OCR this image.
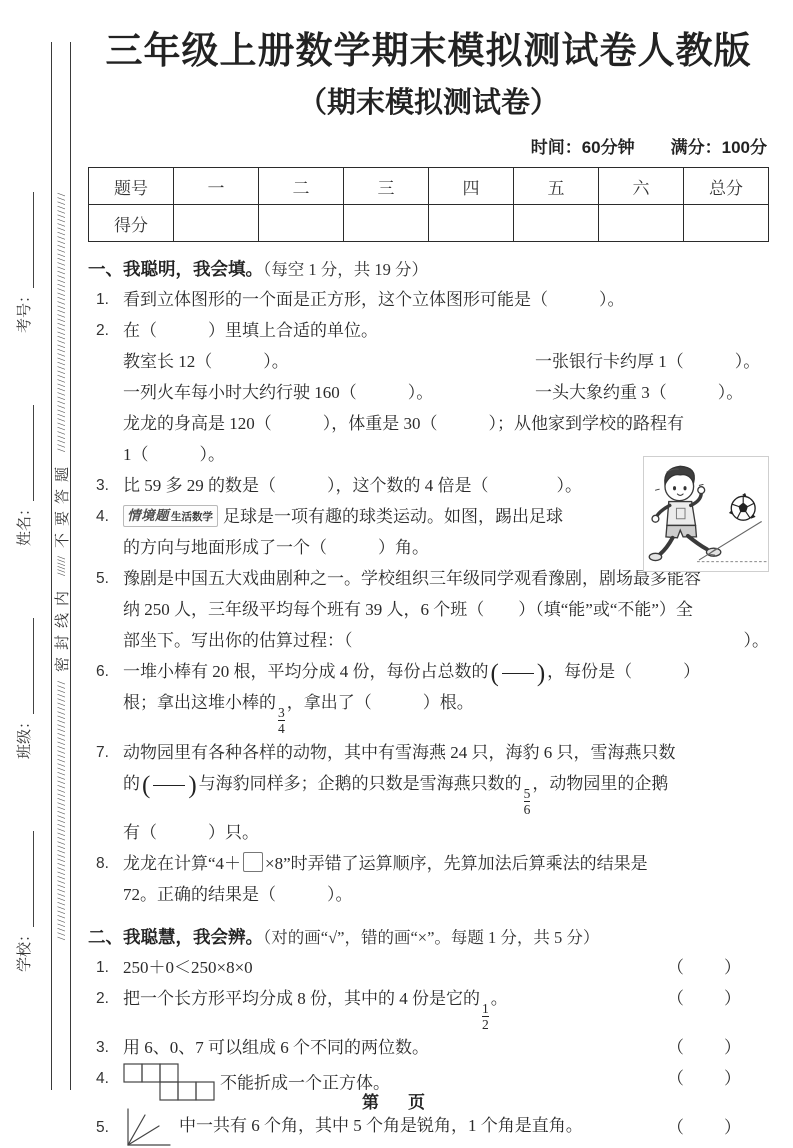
学校：
班级：
姓名：
考号：
////////////////////////////////////////////////////////////
密封线内
//////
不要答题
////////////////////////////////////////////////////////////
三年级上册数学期末模拟测试卷人教版
（期末模拟测试卷）
时间：60分钟 满分：100分
题号	一	二	三	四	五	六	总分
得分							
一、我聪明，我会填。（每空 1 分，共 19 分）
1. 看到立体图形的一个面是正方形，这个立体图形可能是（　　　）。
2. 在（　　　）里填上合适的单位。
教室长 12（　　　）。	一张银行卡约厚 1（　　　）。
一列火车每小时大约行驶 160（　　　）。	一头大象约重 3（　　　）。
龙龙的身高是 120（　　　），体重是 30（　　　）；从他家到学校的路程有
1（　　　）。
3. 比 59 多 29 的数是（　　　），这个数的 4 倍是（　　　　）。
4.	情境题 生活数学 足球是一项有趣的球类运动。如图，踢出足球
的方向与地面形成了一个（　　　）角。
5. 豫剧是中国五大戏曲剧种之一。学校组织三年级同学观看豫剧，剧场最多能容
纳 250 人，三年级平均每个班有 39 人，6 个班（　　）（填“能”或“不能”）全
部坐下。写出你的估算过程：（	）。
6. 一堆小棒有 20 根，平均分成 4 份，每份占总数的 ( ) ，每份是（　　　）
根；拿出这堆小棒的
$\frac{3}{4}$
，拿出了（　　　）根。
7. 动物园里有各种各样的动物，其中有雪海燕 24 只，海豹 6 只，雪海燕只数
的 ( ) 与海豹同样多；企鹅的只数是雪海燕只数的
$\frac{5}{6}$
，动物园里的企鹅
有（　　　）只。
8. 龙龙在计算“4＋ ×8”时弄错了运算顺序，先算加法后算乘法的结果是
72。正确的结果是（　　　）。
二、我聪慧，我会辨。（对的画“√”，错的画“×”。每题 1 分，共 5 分）
1. 250＋0＜250×8×0	（　　）
2. 把一个长方形平均分成 8 份，其中的 4 份是它的
$\frac{1}{2}$
。	（　　）
3. 用 6、0、7 可以组成 6 个不同的两位数。	（　　）
4.	不能折成一个正方体。	（　　）
5.	中一共有 6 个角，其中 5 个角是锐角，1 个角是直角。	（　　）
第　页
